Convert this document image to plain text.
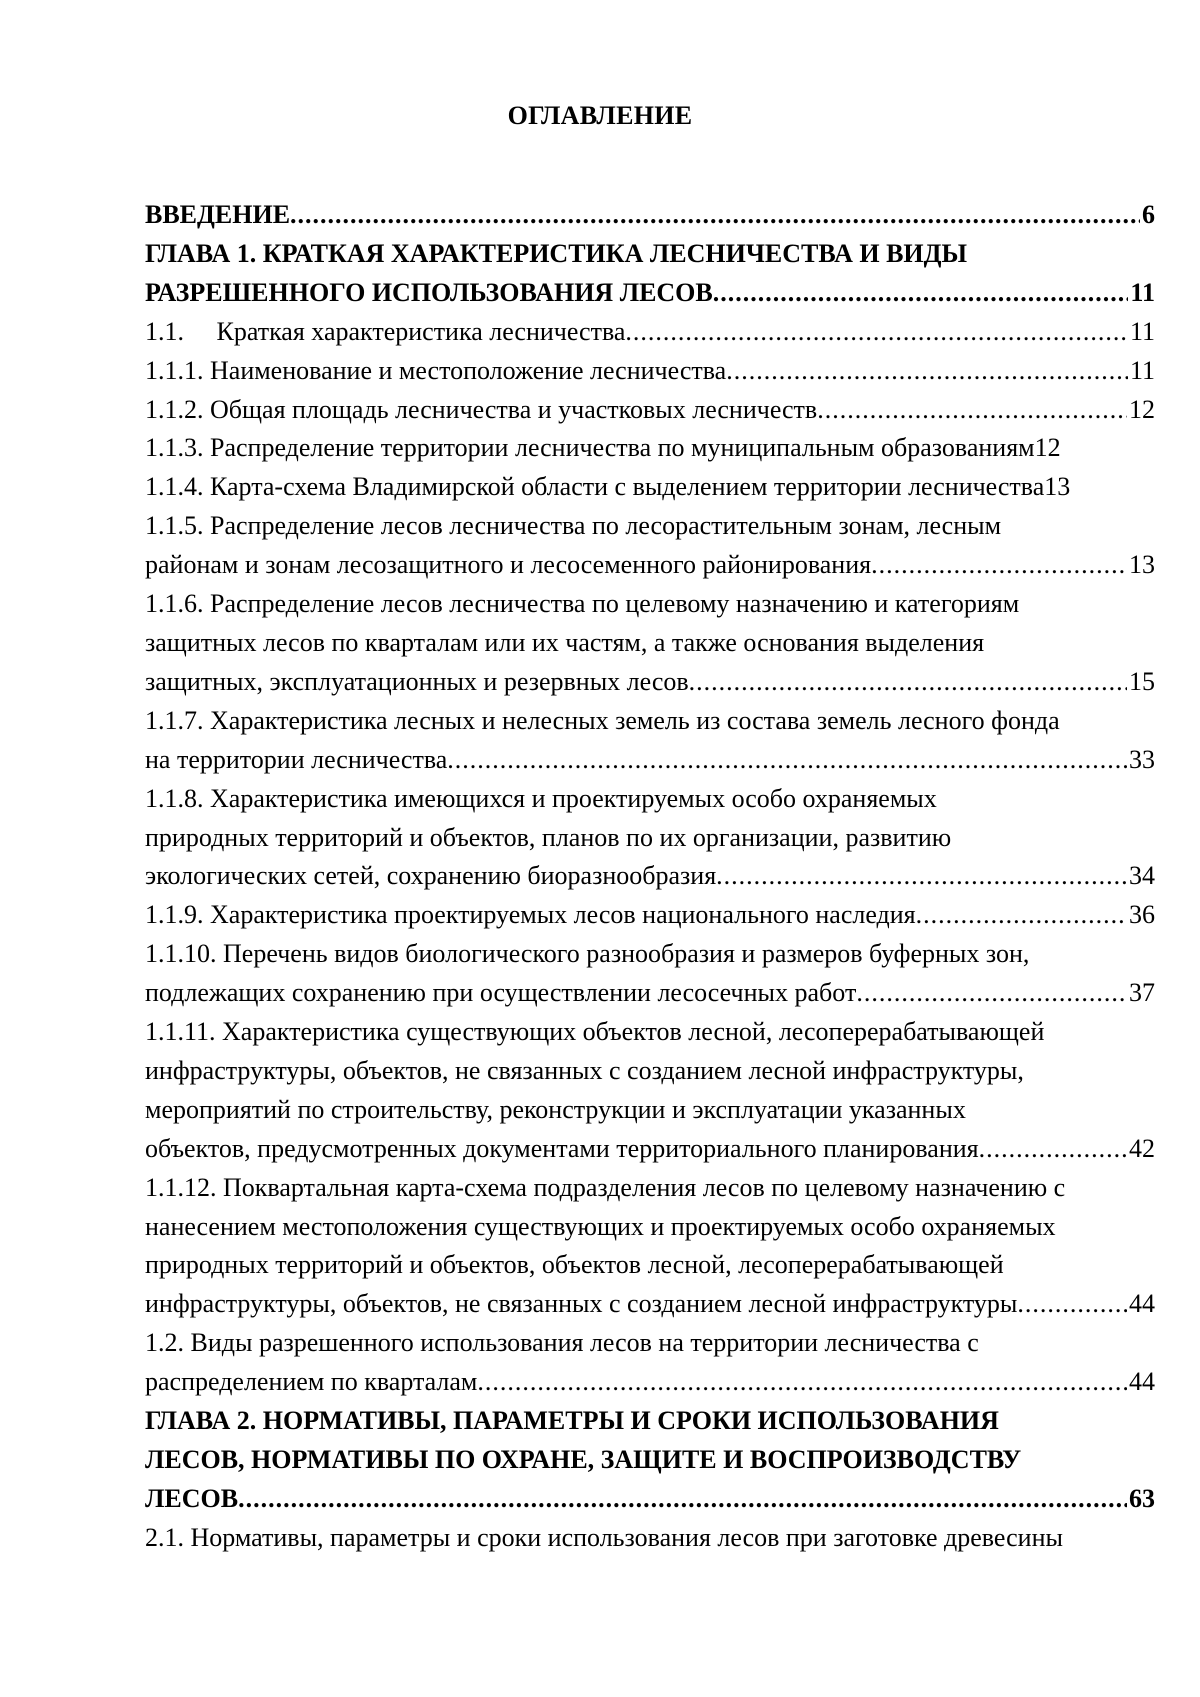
ОГЛАВЛЕНИЕ
ВВЕДЕНИЕ .....	6
ГЛАВА 1. КРАТКАЯ ХАРАКТЕРИСТИКА ЛЕСНИЧЕСТВА И ВИДЫ
РАЗРЕШЕННОГО ИСПОЛЬЗОВАНИЯ ЛЕСОВ .....	11
1.1.     Краткая характеристика лесничества .....	11
1.1.1. Наименование и местоположение лесничества .....	11
1.1.2. Общая площадь лесничества и участковых лесничеств .....	12
1.1.3. Распределение территории лесничества по муниципальным образованиям 12
1.1.4. Карта-схема Владимирской области с выделением территории лесничества 13
1.1.5. Распределение лесов лесничества по лесорастительным зонам, лесным
районам и зонам лесозащитного и лесосеменного районирования .....	13
1.1.6. Распределение лесов лесничества по целевому назначению и категориям
защитных лесов по кварталам или их частям, а также основания выделения
защитных, эксплуатационных и резервных лесов .....	15
1.1.7. Характеристика лесных и нелесных земель из состава земель лесного фонда
на территории лесничества .....	33
1.1.8. Характеристика имеющихся и проектируемых особо охраняемых
природных территорий и объектов, планов по их организации, развитию
экологических сетей, сохранению биоразнообразия .....	34
1.1.9. Характеристика проектируемых лесов национального наследия .....	36
1.1.10. Перечень видов биологического разнообразия и размеров буферных зон,
подлежащих сохранению при осуществлении лесосечных работ .....	37
1.1.11. Характеристика существующих объектов лесной, лесоперерабатывающей
инфраструктуры, объектов, не связанных с созданием лесной инфраструктуры,
мероприятий по строительству, реконструкции и эксплуатации указанных
объектов, предусмотренных документами территориального планирования .....	42
1.1.12. Поквартальная карта-схема подразделения лесов по целевому назначению с
нанесением местоположения существующих и проектируемых особо охраняемых
природных территорий и объектов, объектов лесной, лесоперерабатывающей
инфраструктуры, объектов, не связанных с созданием лесной инфраструктуры .....	44
1.2. Виды разрешенного использования лесов на территории лесничества с
распределением по кварталам .....	44
ГЛАВА 2. НОРМАТИВЫ, ПАРАМЕТРЫ И СРОКИ ИСПОЛЬЗОВАНИЯ
ЛЕСОВ, НОРМАТИВЫ ПО ОХРАНЕ, ЗАЩИТЕ И ВОСПРОИЗВОДСТВУ
ЛЕСОВ .....	63
2.1. Нормативы, параметры и сроки использования лесов при заготовке древесины
